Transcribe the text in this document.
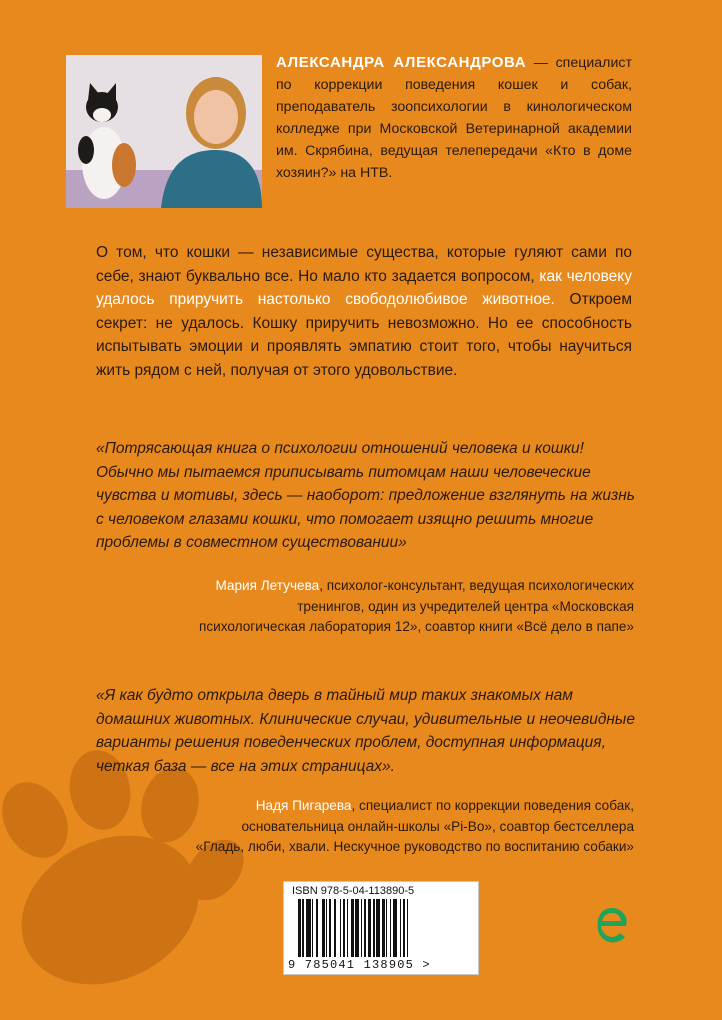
АЛЕКСАНДРА АЛЕКСАНДРОВА — специалист по коррекции поведения кошек и собак, преподаватель зоопсихологии в кинологическом колледже при Московской Ветеринарной академии им. Скрябина, ведущая телепередачи «Кто в доме хозяин?» на НТВ.
О том, что кошки — независимые существа, которые гуляют сами по себе, знают буквально все. Но мало кто задается вопросом, как человеку удалось приручить настолько свободолюбивое животное. Откроем секрет: не удалось. Кошку приручить невозможно. Но ее способность испытывать эмоции и проявлять эмпатию стоит того, чтобы научиться жить рядом с ней, получая от этого удовольствие.
«Потрясающая книга о психологии отношений человека и кошки! Обычно мы пытаемся приписывать питомцам наши человеческие чувства и мотивы, здесь — наоборот: предложение взглянуть на жизнь с человеком глазами кошки, что помогает изящно решить многие проблемы в совместном существовании»
Мария Летучева, психолог-консультант, ведущая психологических тренингов, один из учредителей центра «Московская психологическая лаборатория 12», соавтор книги «Всё дело в папе»
«Я как будто открыла дверь в тайный мир таких знакомых нам домашних животных. Клинические случаи, удивительные и неочевидные варианты решения поведенческих проблем, доступная информация, четкая база — все на этих страницах».
Надя Пигарева, специалист по коррекции поведения собак, основательница онлайн-школы «Pi-Bo», соавтор бестселлера «Гладь, люби, хвали. Нескучное руководство по воспитанию собаки»
ISBN 978-5-04-113890-5
9 785041 138905 >
